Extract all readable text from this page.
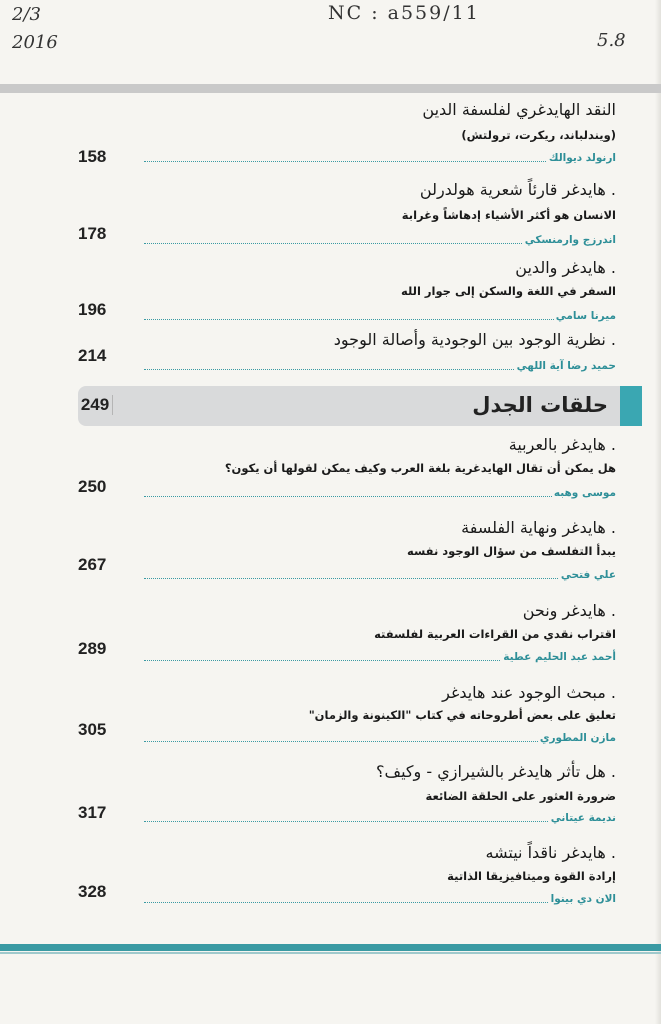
2/3
2016
NC : a559/11
5.8
النقد الهايدغري لفلسفة الدين
(ويندلباند، ريكرت، ترولتش)
ارنولد ديوالك
158
. هايدغر قارئاً شعرية هولدرلن
الانسان هو أكثر الأشياء إدهاشاً وغرابة
اندرزج وارمنسكي
178
. هايدغر والدين
السفر في اللغة والسكن إلى جوار الله
ميرنا سامي
196
. نظرية الوجود بين الوجودية وأصالة الوجود
حميد رضا آية اللهي
214
حلقات الجدل
249
. هايدغر بالعربية
هل يمكن أن تقال الهايدغرية بلغة العرب وكيف يمكن لقولها أن يكون؟
موسى وهبه
250
. هايدغر ونهاية الفلسفة
يبدأ التفلسف من سؤال الوجود نفسه
علي فتحي
267
. هايدغر ونحن
اقتراب نقدي من القراءات العربية لفلسفته
أحمد عبد الحليم عطية
289
. مبحث الوجود عند هايدغر
تعليق على بعض أطروحاته في كتاب "الكينونة والزمان"
مازن المطوري
305
. هل تأثر هايدغر بالشيرازي - وكيف؟
ضرورة العثور على الحلقة الضائعة
نديمة عيتاني
317
. هايدغر ناقداً نيتشه
إرادة القوة وميتافيزيقا الذاتية
الان دي بينوا
328
